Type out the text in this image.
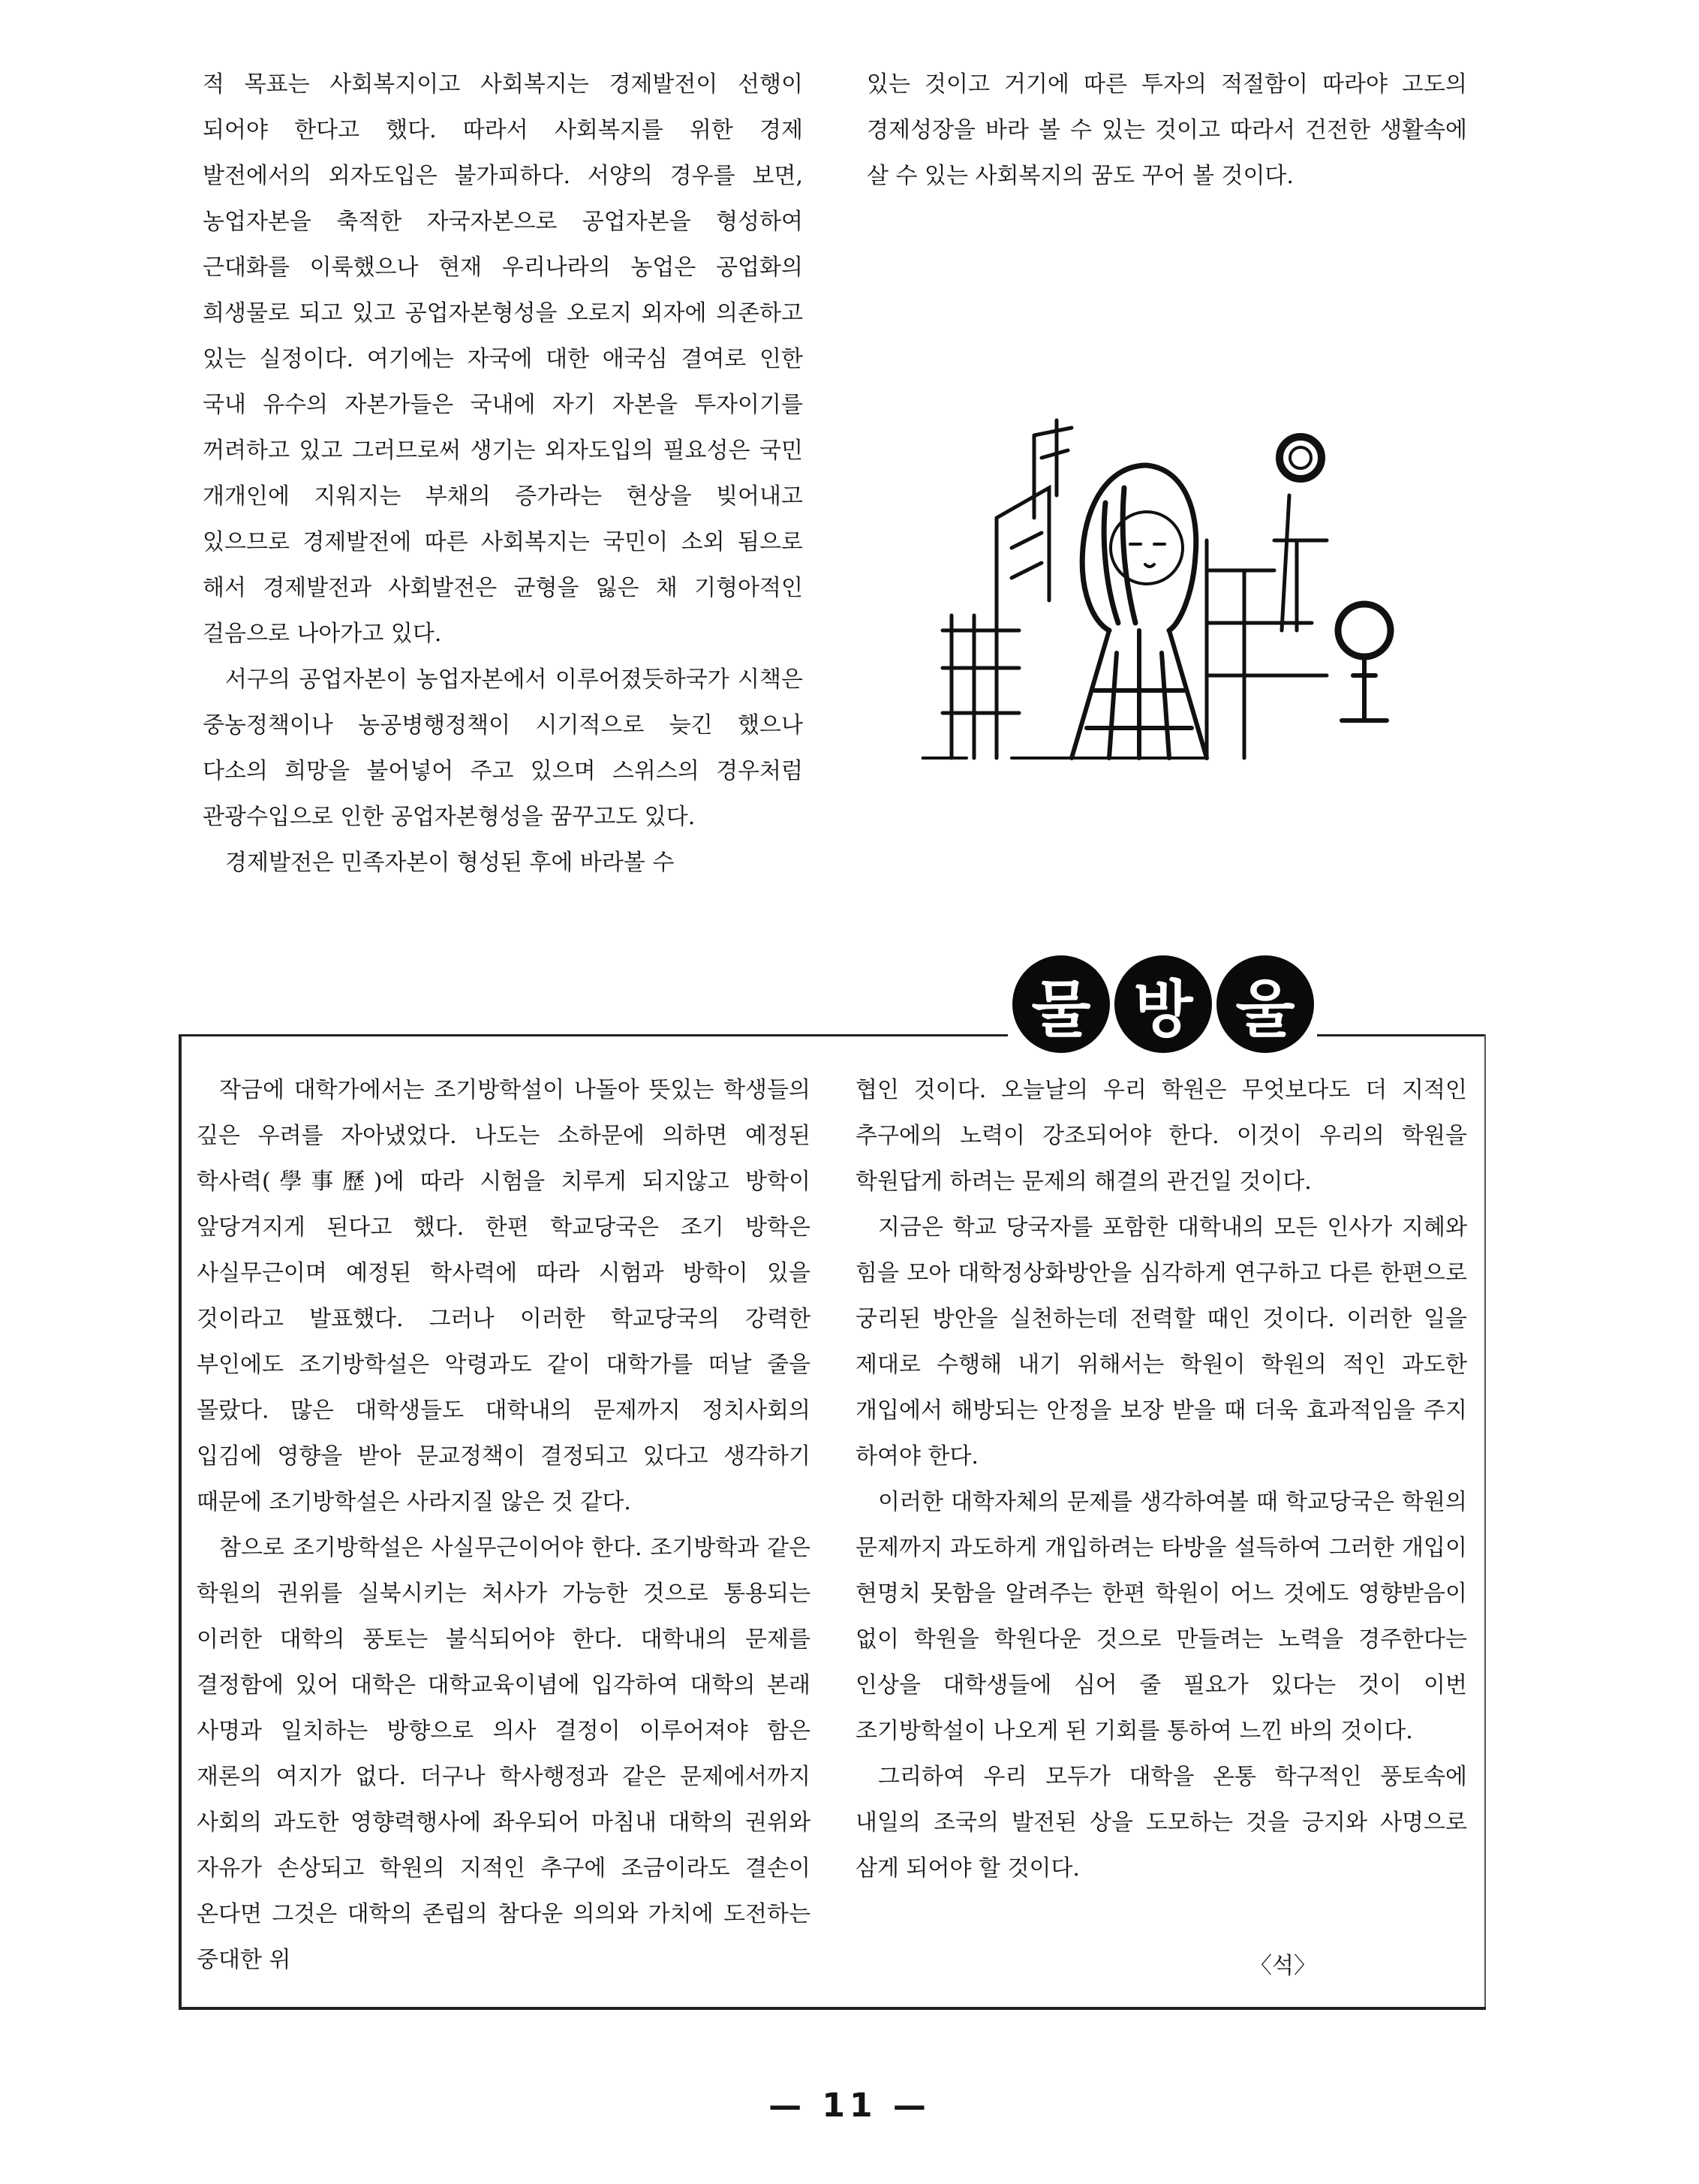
적 목표는 사회복지이고 사회복지는 경제발전이 선행이 되어야 한다고 했다. 따라서 사회복지를 위한 경제 발전에서의 외자도입은 불가피하다. 서양의 경우를 보면, 농업자본을 축적한 자국자본으로 공업자본을 형성하여 근대화를 이룩했으나 현재 우리나라의 농업은 공업화의 희생물로 되고 있고 공업자본형성을 오로지 외자에 의존하고 있는 실정이다. 여기에는 자국에 대한 애국심 결여로 인한 국내 유수의 자본가들은 국내에 자기 자본을 투자이기를 꺼려하고 있고 그러므로써 생기는 외자도입의 필요성은 국민 개개인에 지워지는 부채의 증가라는 현상을 빚어내고 있으므로 경제발전에 따른 사회복지는 국민이 소외 됨으로 해서 경제발전과 사회발전은 균형을 잃은 채 기형아적인 걸음으로 나아가고 있다.

서구의 공업자본이 농업자본에서 이루어졌듯하국가 시책은 중농정책이나 농공병행정책이 시기적으로 늦긴 했으나 다소의 희망을 불어넣어 주고 있으며 스위스의 경우처럼 관광수입으로 인한 공업자본형성을 꿈꾸고도 있다.

경제발전은 민족자본이 형성된 후에 바라볼 수

있는 것이고 거기에 따른 투자의 적절함이 따라야 고도의 경제성장을 바라 볼 수 있는 것이고 따라서 건전한 생활속에 살 수 있는 사회복지의 꿈도 꾸어 볼 것이다.

물 방 울

작금에 대학가에서는 조기방학설이 나돌아 뜻있는 학생들의 깊은 우려를 자아냈었다. 나도는 소하문에 의하면 예정된 학사력(學事歷)에 따라 시험을 치루게 되지않고 방학이 앞당겨지게 된다고 했다. 한편 학교당국은 조기 방학은 사실무근이며 예정된 학사력에 따라 시험과 방학이 있을 것이라고 발표했다. 그러나 이러한 학교당국의 강력한 부인에도 조기방학설은 악령과도 같이 대학가를 떠날 줄을 몰랐다. 많은 대학생들도 대학내의 문제까지 정치사회의 입김에 영향을 받아 문교정책이 결정되고 있다고 생각하기 때문에 조기방학설은 사라지질 않은 것 같다.

참으로 조기방학설은 사실무근이어야 한다. 조기방학과 같은 학원의 권위를 실북시키는 처사가 가능한 것으로 통용되는 이러한 대학의 풍토는 불식되어야 한다. 대학내의 문제를 결정함에 있어 대학은 대학교육이념에 입각하여 대학의 본래 사명과 일치하는 방향으로 의사 결정이 이루어져야 함은 재론의 여지가 없다. 더구나 학사행정과 같은 문제에서까지 사회의 과도한 영향력행사에 좌우되어 마침내 대학의 권위와 자유가 손상되고 학원의 지적인 추구에 조금이라도 결손이 온다면 그것은 대학의 존립의 참다운 의의와 가치에 도전하는 중대한 위

협인 것이다. 오늘날의 우리 학원은 무엇보다도 더 지적인 추구에의 노력이 강조되어야 한다. 이것이 우리의 학원을 학원답게 하려는 문제의 해결의 관건일 것이다.

지금은 학교 당국자를 포함한 대학내의 모든 인사가 지혜와 힘을 모아 대학정상화방안을 심각하게 연구하고 다른 한편으로 궁리된 방안을 실천하는데 전력할 때인 것이다. 이러한 일을 제대로 수행해 내기 위해서는 학원이 학원의 적인 과도한 개입에서 해방되는 안정을 보장 받을 때 더욱 효과적임을 주지 하여야 한다.

이러한 대학자체의 문제를 생각하여볼 때 학교당국은 학원의 문제까지 과도하게 개입하려는 타방을 설득하여 그러한 개입이 현명치 못함을 알려주는 한편 학원이 어느 것에도 영향받음이 없이 학원을 학원다운 것으로 만들려는 노력을 경주한다는 인상을 대학생들에 심어 줄 필요가 있다는 것이 이번 조기방학설이 나오게 된 기회를 통하여 느낀 바의 것이다.

그리하여 우리 모두가 대학을 온통 학구적인 풍토속에 내일의 조국의 발전된 상을 도모하는 것을 긍지와 사명으로 삼게 되어야 할 것이다.

〈석〉
— 11 —
